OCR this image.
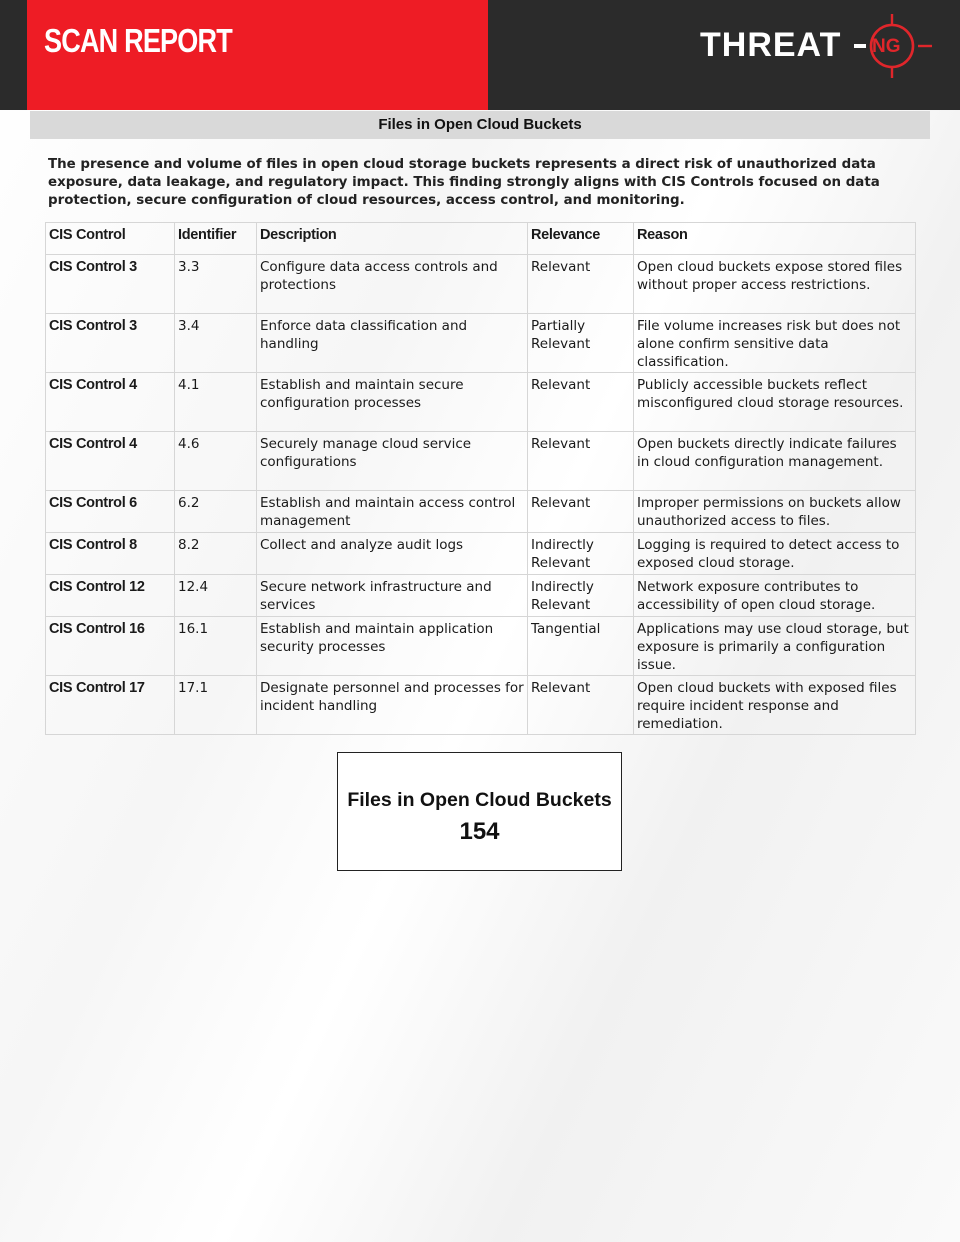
SCAN REPORT	THREAT NG
Files in Open Cloud Buckets

The presence and volume of files in open cloud storage buckets represents a direct risk of unauthorized data exposure, data leakage, and regulatory impact. This finding strongly aligns with CIS Controls focused on data protection, secure configuration of cloud resources, access control, and monitoring.

CIS Control	Identifier	Description	Relevance	Reason
CIS Control 3	3.3	Configure data access controls and protections	Relevant	Open cloud buckets expose stored files without proper access restrictions.
CIS Control 3	3.4	Enforce data classification and handling	Partially Relevant	File volume increases risk but does not alone confirm sensitive data classification.
CIS Control 4	4.1	Establish and maintain secure configuration processes	Relevant	Publicly accessible buckets reflect misconfigured cloud storage resources.
CIS Control 4	4.6	Securely manage cloud service configurations	Relevant	Open buckets directly indicate failures in cloud configuration management.
CIS Control 6	6.2	Establish and maintain access control management	Relevant	Improper permissions on buckets allow unauthorized access to files.
CIS Control 8	8.2	Collect and analyze audit logs	Indirectly Relevant	Logging is required to detect access to exposed cloud storage.
CIS Control 12	12.4	Secure network infrastructure and services	Indirectly Relevant	Network exposure contributes to accessibility of open cloud storage.
CIS Control 16	16.1	Establish and maintain application security processes	Tangential	Applications may use cloud storage, but exposure is primarily a configuration issue.
CIS Control 17	17.1	Designate personnel and processes for incident handling	Relevant	Open cloud buckets with exposed files require incident response and remediation.
Files in Open Cloud Buckets
154
